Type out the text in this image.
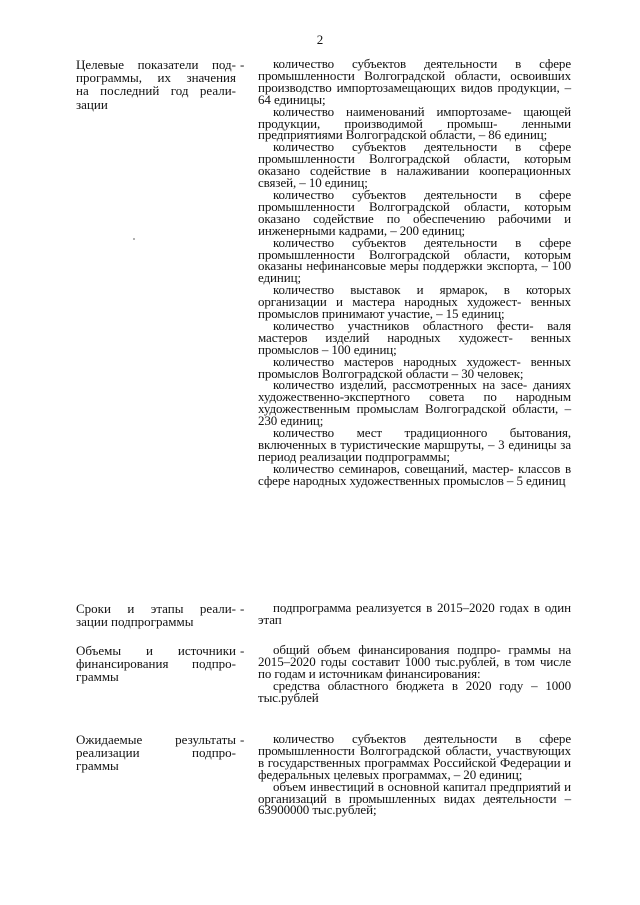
2
Целевые показатели под-
программы, их значения
на последний год реали-
зации
-	количество субъектов деятельности в сфере промышленности Волгоградской области, освоивших производство импортозамещающих видов продукции, – 64 единицы;

количество наименований импортозаме- щающей продукции, производимой промыш- ленными предприятиями Волгоградской области, – 86 единиц;

количество субъектов деятельности в сфере промышленности Волгоградской области, которым оказано содействие в налаживании кооперационных связей, – 10 единиц;

количество субъектов деятельности в сфере промышленности Волгоградской области, которым оказано содействие по обеспечению рабочими и инженерными кадрами, – 200 единиц;

количество субъектов деятельности в сфере промышленности Волгоградской области, которым оказаны нефинансовые меры поддержки экспорта, – 100 единиц;

количество выставок и ярмарок, в которых организации и мастера народных художест- венных промыслов принимают участие, – 15 единиц;

количество участников областного фести- валя мастеров изделий народных художест- венных промыслов – 100 единиц;

количество мастеров народных художест- венных промыслов Волгоградской области – 30 человек;

количество изделий, рассмотренных на засе- даниях художественно-экспертного совета по народным художественным промыслам Волгоградской области, – 230 единиц;

количество мест традиционного бытования, включенных в туристические маршруты, – 3 единицы за период реализации подпрограммы;

количество семинаров, совещаний, мастер- классов в сфере народных художественных промыслов – 5 единиц

Сроки и этапы реали-
зации подпрограммы
-	подпрограмма реализуется в 2015–2020 годах в один этап

Объемы и источники
финансирования подпро-
граммы
-	общий объем финансирования подпро- граммы на 2015–2020 годы составит 1000 тыс.рублей, в том числе по годам и источникам финансирования:

средства областного бюджета в 2020 году – 1000 тыс.рублей

Ожидаемые результаты
реализации подпро-
граммы
-	количество субъектов деятельности в сфере промышленности Волгоградской области, участвующих в государственных программах Российской Федерации и федеральных целевых программах, – 20 единиц;

объем инвестиций в основной капитал предприятий и организаций в промышленных видах деятельности – 63900000 тыс.рублей;
